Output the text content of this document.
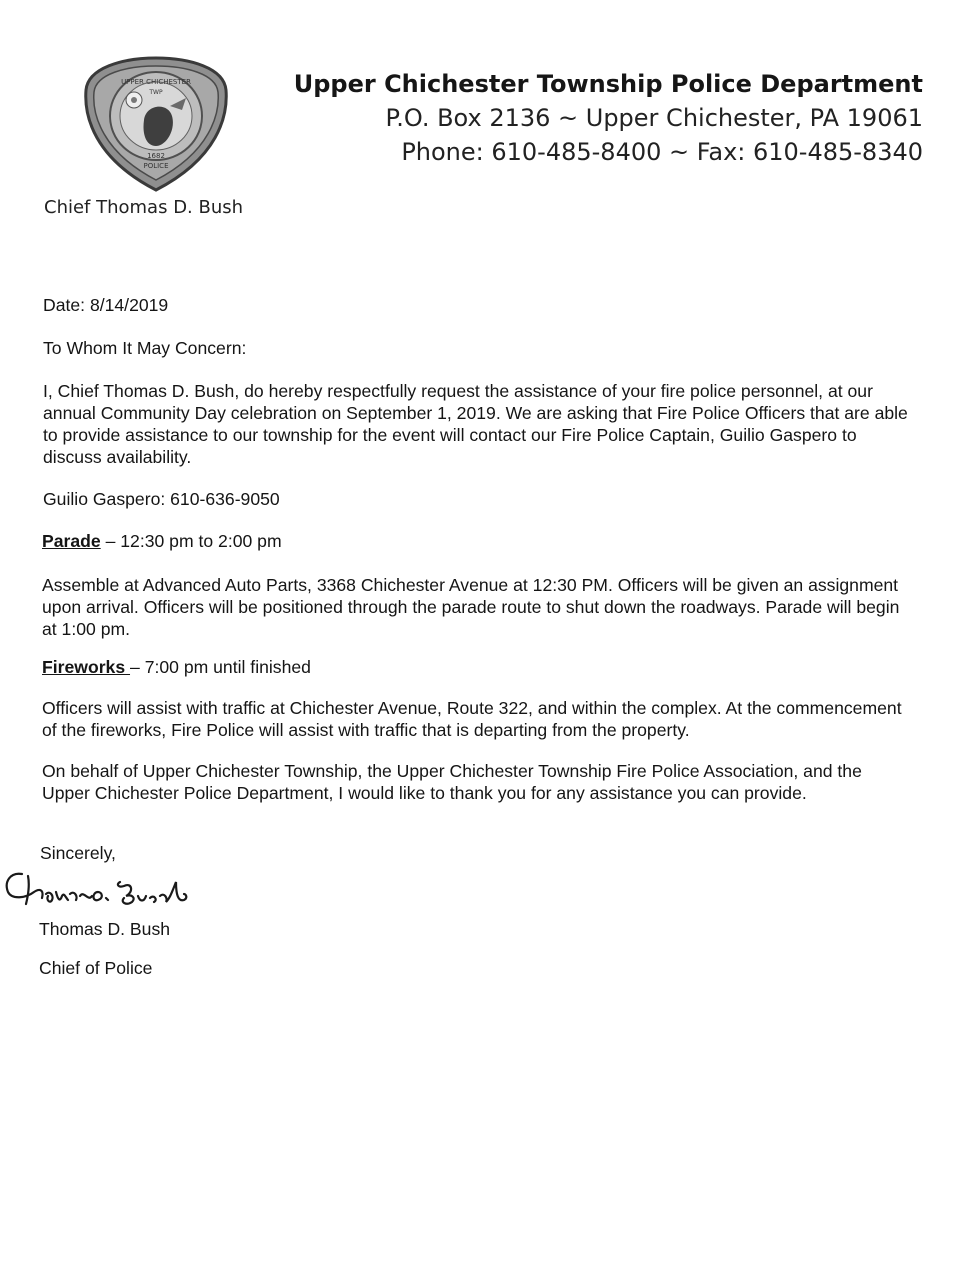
UPPER CHICHESTER
TWP
1682
POLICE
Upper Chichester Township Police Department
P.O. Box 2136 ~ Upper Chichester, PA 19061
Phone: 610-485-8400 ~ Fax: 610-485-8340
Chief Thomas D. Bush
Date: 8/14/2019
To Whom It May Concern:

I, Chief Thomas D. Bush, do hereby respectfully request the assistance of your fire police personnel, at our annual Community Day celebration on September 1, 2019. We are asking that Fire Police Officers that are able to provide assistance to our township for the event will contact our Fire Police Captain, Guilio Gaspero to discuss availability.

Guilio Gaspero: 610-636-9050
Parade – 12:30 pm to 2:00 pm

Assemble at Advanced Auto Parts, 3368 Chichester Avenue at 12:30 PM. Officers will be given an assignment upon arrival. Officers will be positioned through the parade route to shut down the roadways. Parade will begin at 1:00 pm.

Fireworks – 7:00 pm until finished

Officers will assist with traffic at Chichester Avenue, Route 322, and within the complex. At the commencement of the fireworks, Fire Police will assist with traffic that is departing from the property.

On behalf of Upper Chichester Township, the Upper Chichester Township Fire Police Association, and the Upper Chichester Police Department, I would like to thank you for any assistance you can provide.

Sincerely,
Thomas D. Bush
Chief of Police
